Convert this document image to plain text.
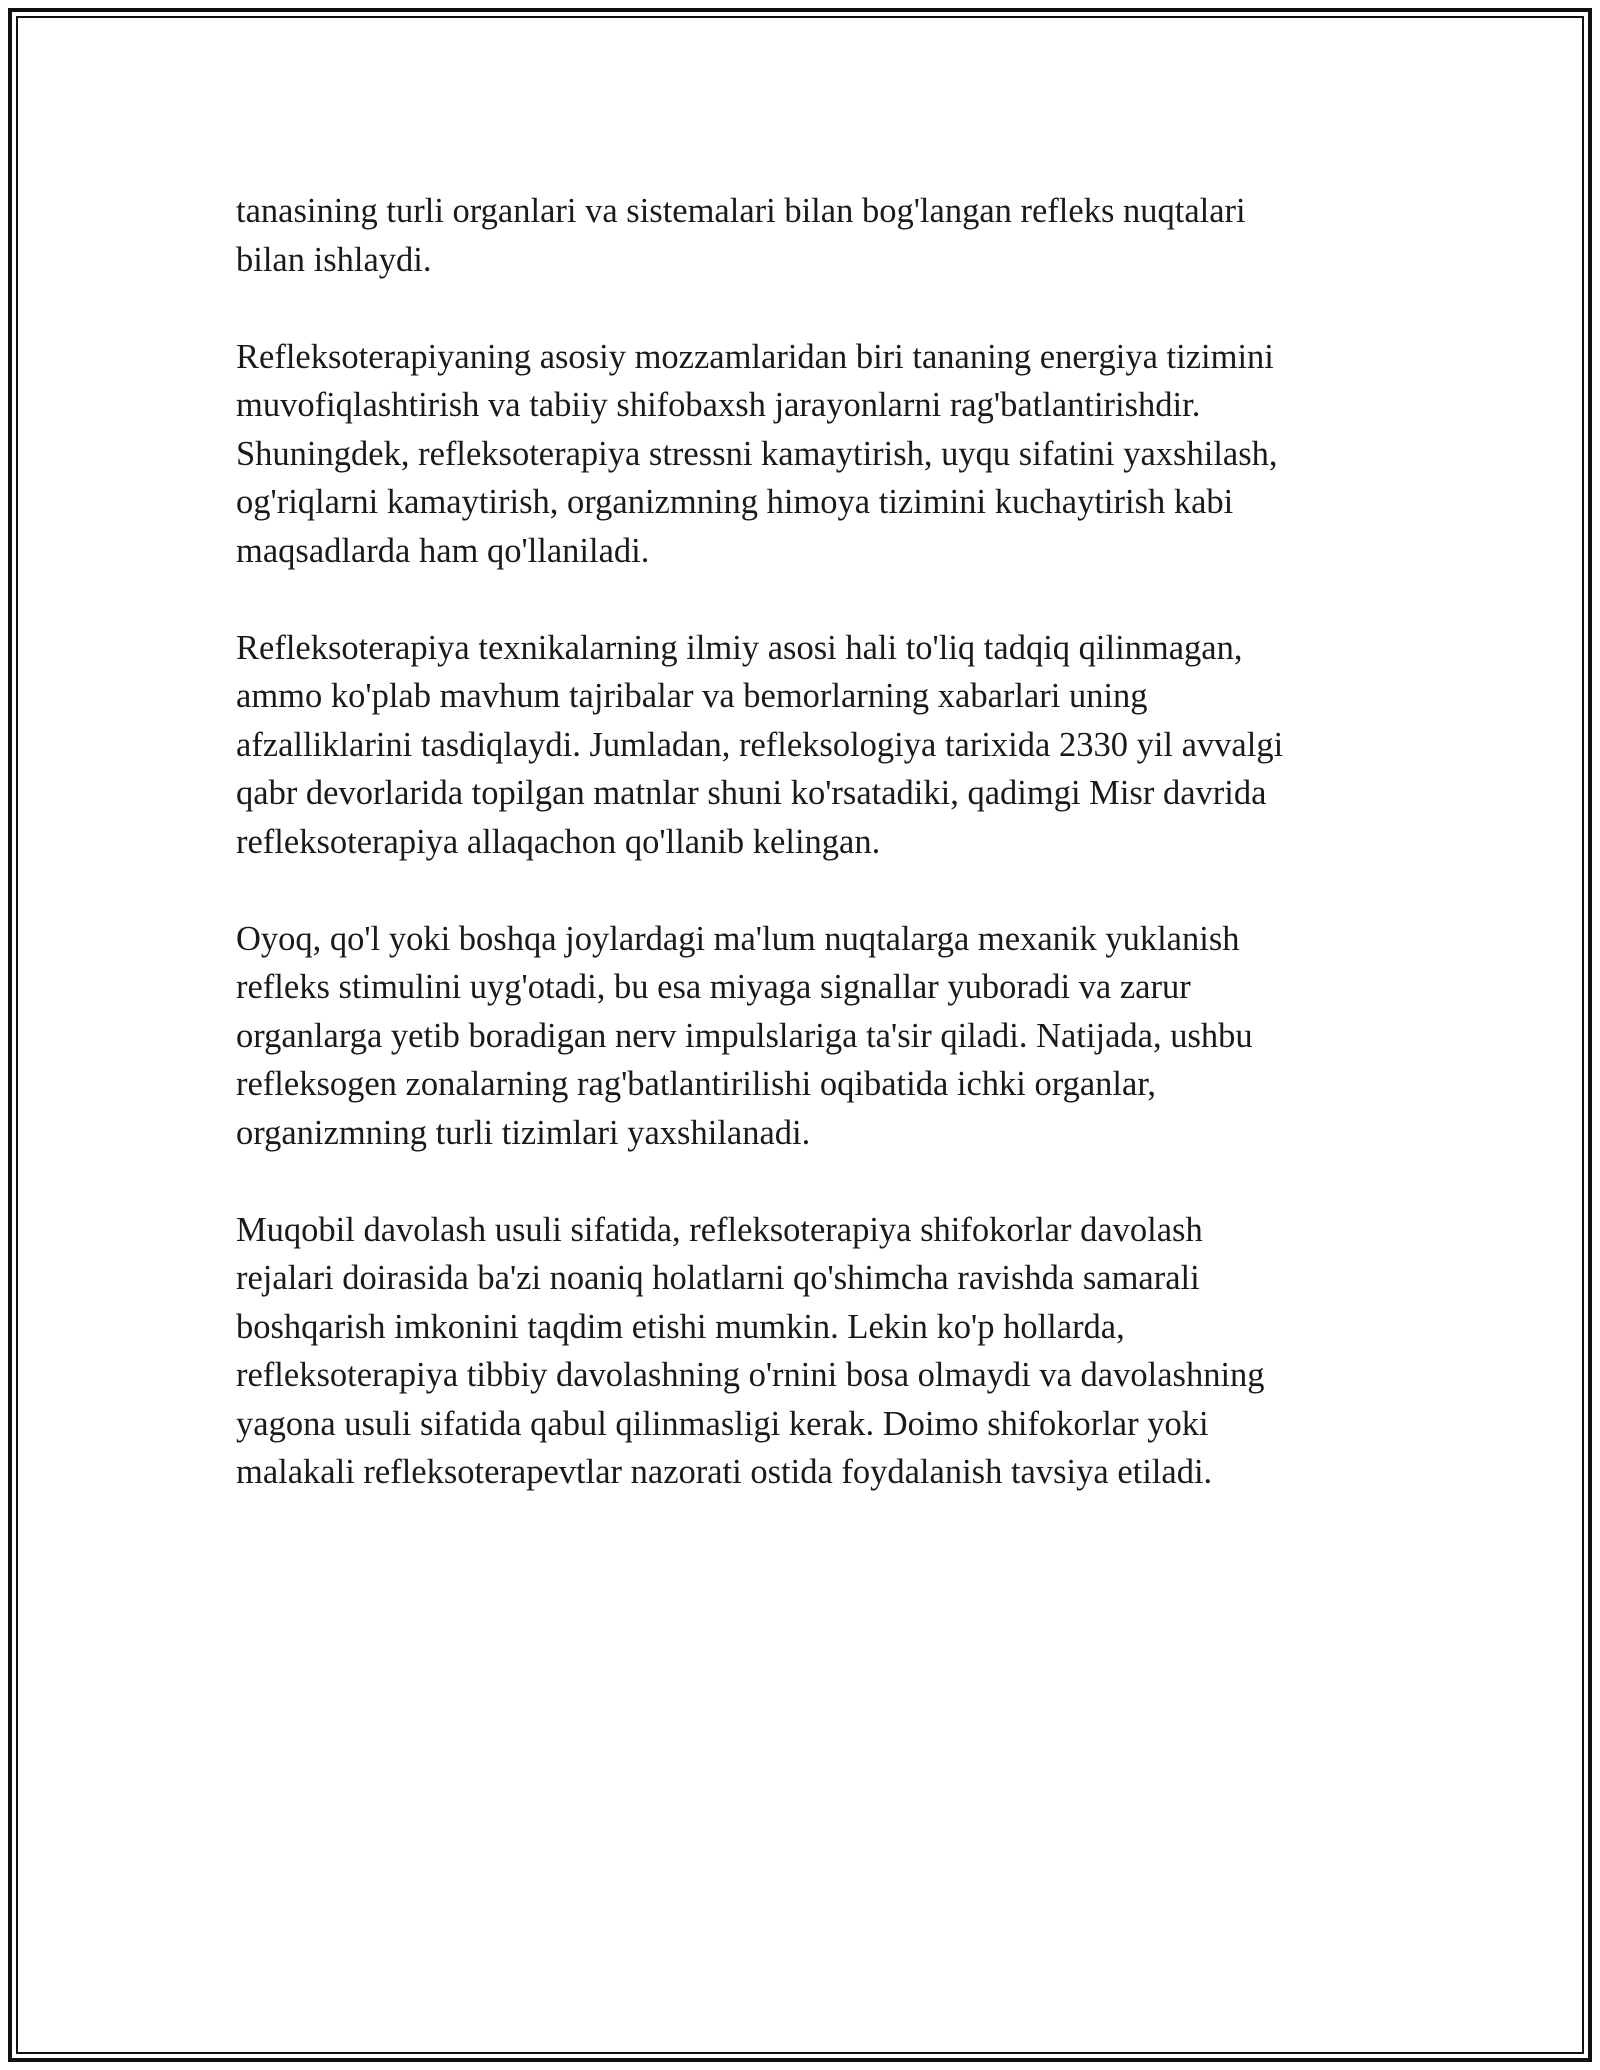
tanasining turli organlari va sistemalari bilan bog'langan refleks nuqtalari
bilan ishlaydi.

Refleksoterapiyaning asosiy mozzamlaridan biri tananing energiya tizimini
muvofiqlashtirish va tabiiy shifobaxsh jarayonlarni rag'batlantirishdir.
Shuningdek, refleksoterapiya stressni kamaytirish, uyqu sifatini yaxshilash,
og'riqlarni kamaytirish, organizmning himoya tizimini kuchaytirish kabi
maqsadlarda ham qo'llaniladi.

Refleksoterapiya texnikalarning ilmiy asosi hali to'liq tadqiq qilinmagan,
ammo ko'plab mavhum tajribalar va bemorlarning xabarlari uning
afzalliklarini tasdiqlaydi. Jumladan, refleksologiya tarixida 2330 yil avvalgi
qabr devorlarida topilgan matnlar shuni ko'rsatadiki, qadimgi Misr davrida
refleksoterapiya allaqachon qo'llanib kelingan.

Oyoq, qo'l yoki boshqa joylardagi ma'lum nuqtalarga mexanik yuklanish
refleks stimulini uyg'otadi, bu esa miyaga signallar yuboradi va zarur
organlarga yetib boradigan nerv impulslariga ta'sir qiladi. Natijada, ushbu
refleksogen zonalarning rag'batlantirilishi oqibatida ichki organlar,
organizmning turli tizimlari yaxshilanadi.

Muqobil davolash usuli sifatida, refleksoterapiya shifokorlar davolash
rejalari doirasida ba'zi noaniq holatlarni qo'shimcha ravishda samarali
boshqarish imkonini taqdim etishi mumkin. Lekin ko'p hollarda,
refleksoterapiya tibbiy davolashning o'rnini bosa olmaydi va davolashning
yagona usuli sifatida qabul qilinmasligi kerak. Doimo shifokorlar yoki
malakali refleksoterapevtlar nazorati ostida foydalanish tavsiya etiladi.
